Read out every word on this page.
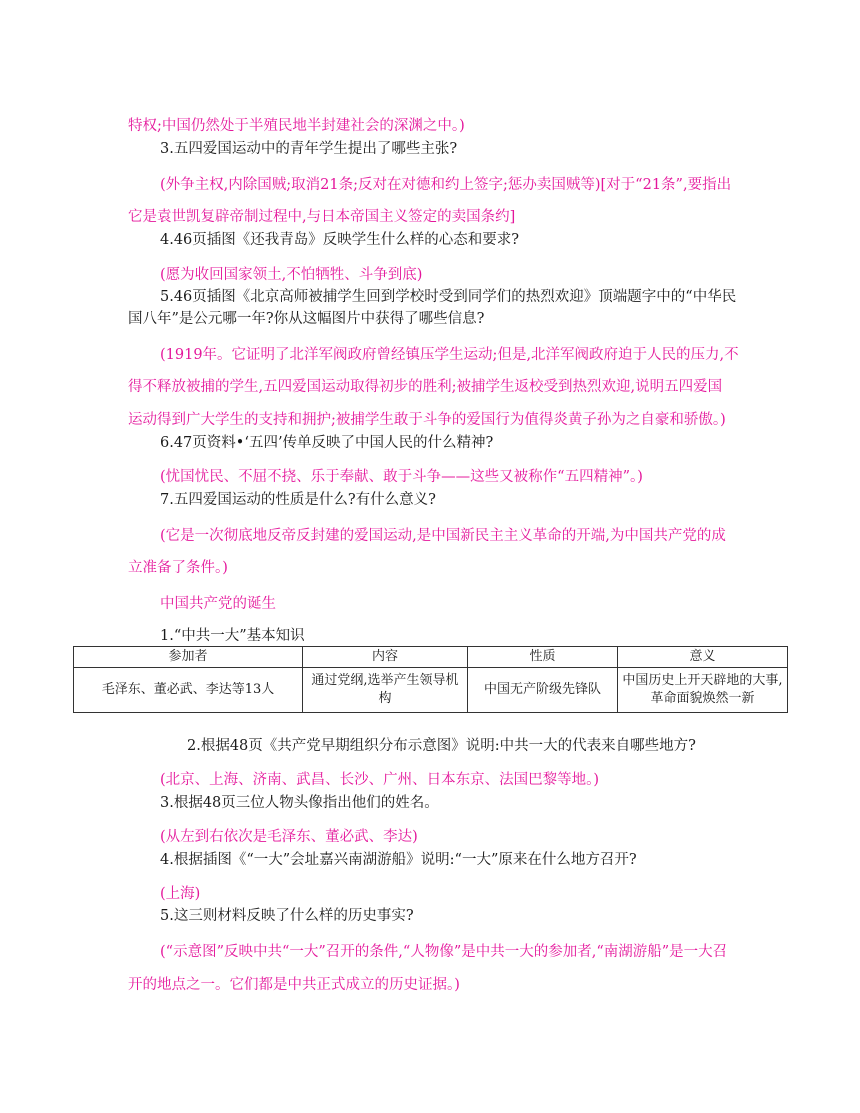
特权;中国仍然处于半殖民地半封建社会的深渊之中。)
3.五四爱国运动中的青年学生提出了哪些主张?
(外争主权,内除国贼;取消21条;反对在对德和约上签字;惩办卖国贼等)[对于“21条”,要指出
它是袁世凯复辟帝制过程中,与日本帝国主义签定的卖国条约]
4.46页插图《还我青岛》反映学生什么样的心态和要求?
(愿为收回国家领土,不怕牺牲、斗争到底)
5.46页插图《北京高师被捕学生回到学校时受到同学们的热烈欢迎》顶端题字中的“中华民
国八年”是公元哪一年?你从这幅图片中获得了哪些信息?
(1919年。它证明了北洋军阀政府曾经镇压学生运动;但是,北洋军阀政府迫于人民的压力,不
得不释放被捕的学生,五四爱国运动取得初步的胜利;被捕学生返校受到热烈欢迎,说明五四爱国
运动得到广大学生的支持和拥护;被捕学生敢于斗争的爱国行为值得炎黄子孙为之自豪和骄傲。)
6.47页资料•‘五四’传单反映了中国人民的什么精神?
(忧国忧民、不屈不挠、乐于奉献、敢于斗争——这些又被称作“五四精神”。)
7.五四爱国运动的性质是什么?有什么意义?
(它是一次彻底地反帝反封建的爱国运动,是中国新民主主义革命的开端,为中国共产党的成
立准备了条件。)
中国共产党的诞生
1.“中共一大”基本知识
参加者	内容	性质	意义
毛泽东、董必武、李达等13人	通过党纲,选举产生领导机构	中国无产阶级先锋队	中国历史上开天辟地的大事,革命面貌焕然一新
2.根据48页《共产党早期组织分布示意图》说明:中共一大的代表来自哪些地方?
(北京、上海、济南、武昌、长沙、广州、日本东京、法国巴黎等地。)
3.根据48页三位人物头像指出他们的姓名。
(从左到右依次是毛泽东、董必武、李达)
4.根据插图《“一大”会址嘉兴南湖游船》说明:“一大”原来在什么地方召开?
(上海)
5.这三则材料反映了什么样的历史事实?
(“示意图”反映中共“一大”召开的条件,“人物像”是中共一大的参加者,“南湖游船”是一大召
开的地点之一。它们都是中共正式成立的历史证据。)
